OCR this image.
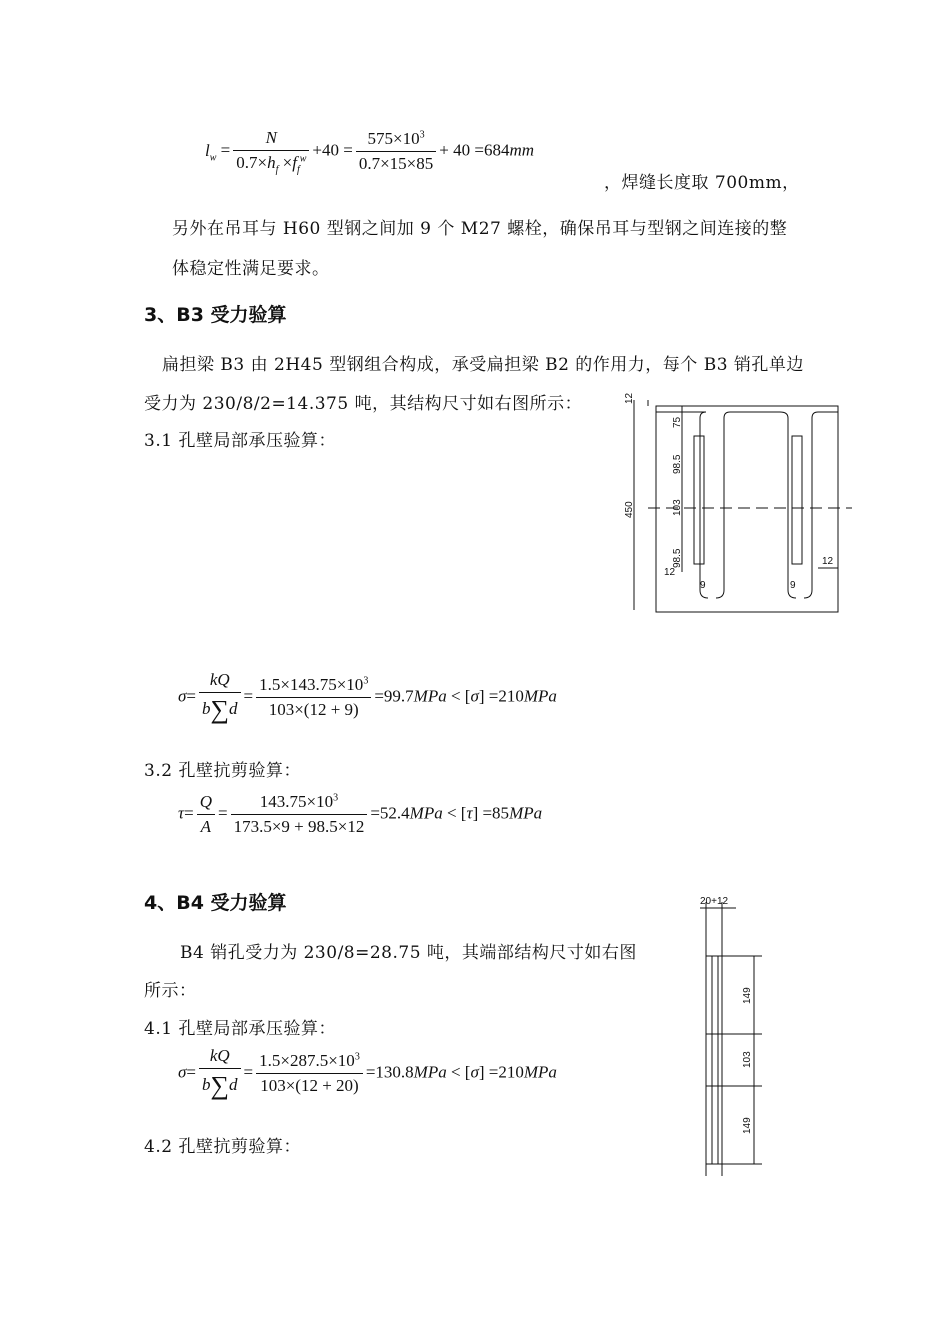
$l_w = \frac{N}{0.7\times h_f \times f_f^w} +40 = \frac{575\times 10^3}{0.7\times 15\times 85} + 40 =684mm$
，焊缝长度取 700mm，
另外在吊耳与 H60 型钢之间加 9 个 M27 螺栓，确保吊耳与型钢之间连接的整
体稳定性满足要求。
3、B3 受力验算
扁担梁 B3 由 2H45 型钢组合构成，承受扁担梁 B2 的作用力，每个 B3 销孔单边
受力为 230/8/2=14.375 吨，其结构尺寸如右图所示：
3.1 孔壁局部承压验算：
12
75
98.5
103
98.5
450
12
9	9
12
$\sigma= \frac{kQ}{b\sum d} = \frac{1.5\times 143.75\times 10^3}{103\times(12 + 9)} =99.7MPa < [\sigma] =210MPa$
3.2 孔壁抗剪验算：
$\tau= \frac{Q}{A} = \frac{143.75\times 10^3}{173.5\times 9 + 98.5\times 12} =52.4MPa < [\tau] =85MPa$
4、B4 受力验算
B4 销孔受力为 230/8=28.75 吨，其端部结构尺寸如右图
所示：
4.1 孔壁局部承压验算：
$\sigma= \frac{kQ}{b\sum d} = \frac{1.5\times 287.5\times 10^3}{103\times(12 + 20)} =130.8MPa < [\sigma] =210MPa$
4.2 孔壁抗剪验算：
20+12
149
103
149
